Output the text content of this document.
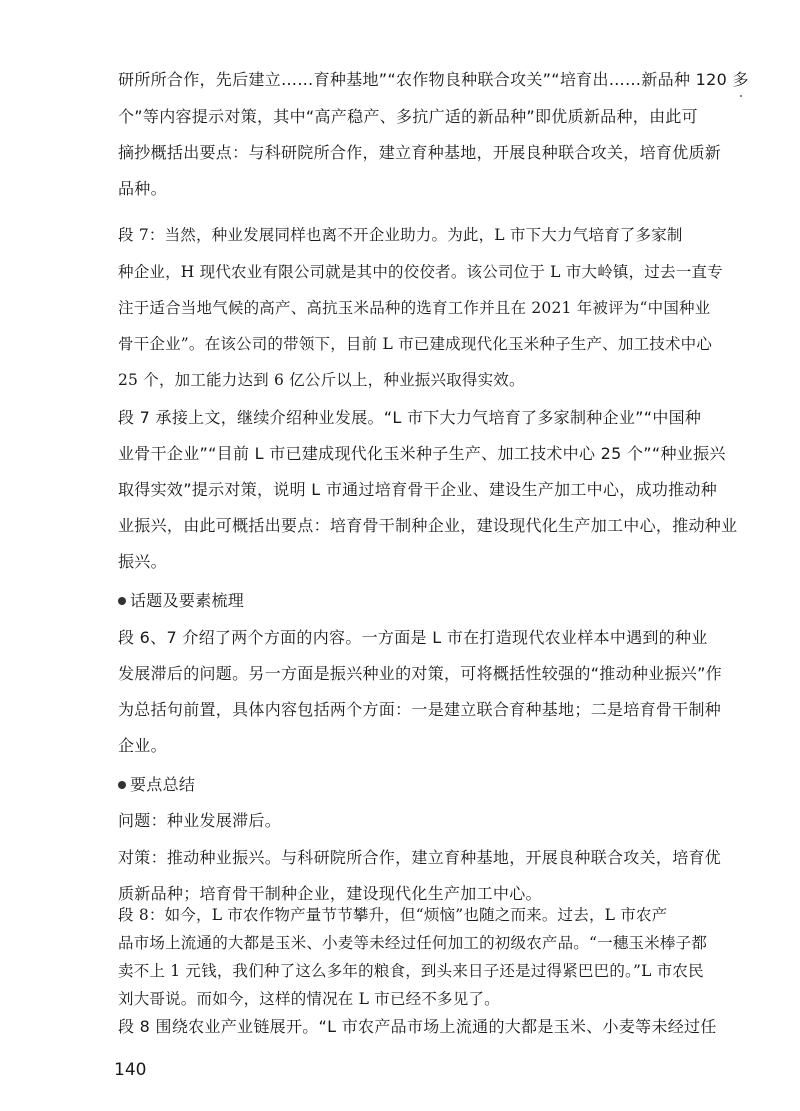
研所所合作，先后建立……育种基地”“农作物良种联合攻关”“培育出……新品种 120 多
个”等内容提示对策，其中“高产稳产、多抗广适的新品种”即优质新品种，由此可
摘抄概括出要点：与科研院所合作，建立育种基地，开展良种联合攻关，培育优质新
品种。
段 7：当然，种业发展同样也离不开企业助力。为此，L 市下大力气培育了多家制
种企业，H 现代农业有限公司就是其中的佼佼者。该公司位于 L 市大岭镇，过去一直专
注于适合当地气候的高产、高抗玉米品种的选育工作并且在 2021 年被评为“中国种业
骨干企业”。在该公司的带领下，目前 L 市已建成现代化玉米种子生产、加工技术中心
25 个，加工能力达到 6 亿公斤以上，种业振兴取得实效。
段 7 承接上文，继续介绍种业发展。“L 市下大力气培育了多家制种企业”“中国种
业骨干企业”“目前 L 市已建成现代化玉米种子生产、加工技术中心 25 个”“种业振兴
取得实效”提示对策，说明 L 市通过培育骨干企业、建设生产加工中心，成功推动种
业振兴，由此可概括出要点：培育骨干制种企业，建设现代化生产加工中心，推动种业
振兴。
话题及要素梳理
段 6、7 介绍了两个方面的内容。一方面是 L 市在打造现代农业样本中遇到的种业
发展滞后的问题。另一方面是振兴种业的对策，可将概括性较强的“推动种业振兴”作
为总括句前置，具体内容包括两个方面：一是建立联合育种基地；二是培育骨干制种
企业。
要点总结
问题：种业发展滞后。
对策：推动种业振兴。与科研院所合作，建立育种基地，开展良种联合攻关，培育优
质新品种；培育骨干制种企业，建设现代化生产加工中心。
140
段 8：如今，L 市农作物产量节节攀升，但“烦恼”也随之而来。过去，L 市农产
品市场上流通的大都是玉米、小麦等未经过任何加工的初级农产品。“一穗玉米棒子都
卖不上 1 元钱，我们种了这么多年的粮食，到头来日子还是过得紧巴巴的。”L 市农民
刘大哥说。而如今，这样的情况在 L 市已经不多见了。
段 8 围绕农业产业链展开。“L 市农产品市场上流通的大都是玉米、小麦等未经过任
